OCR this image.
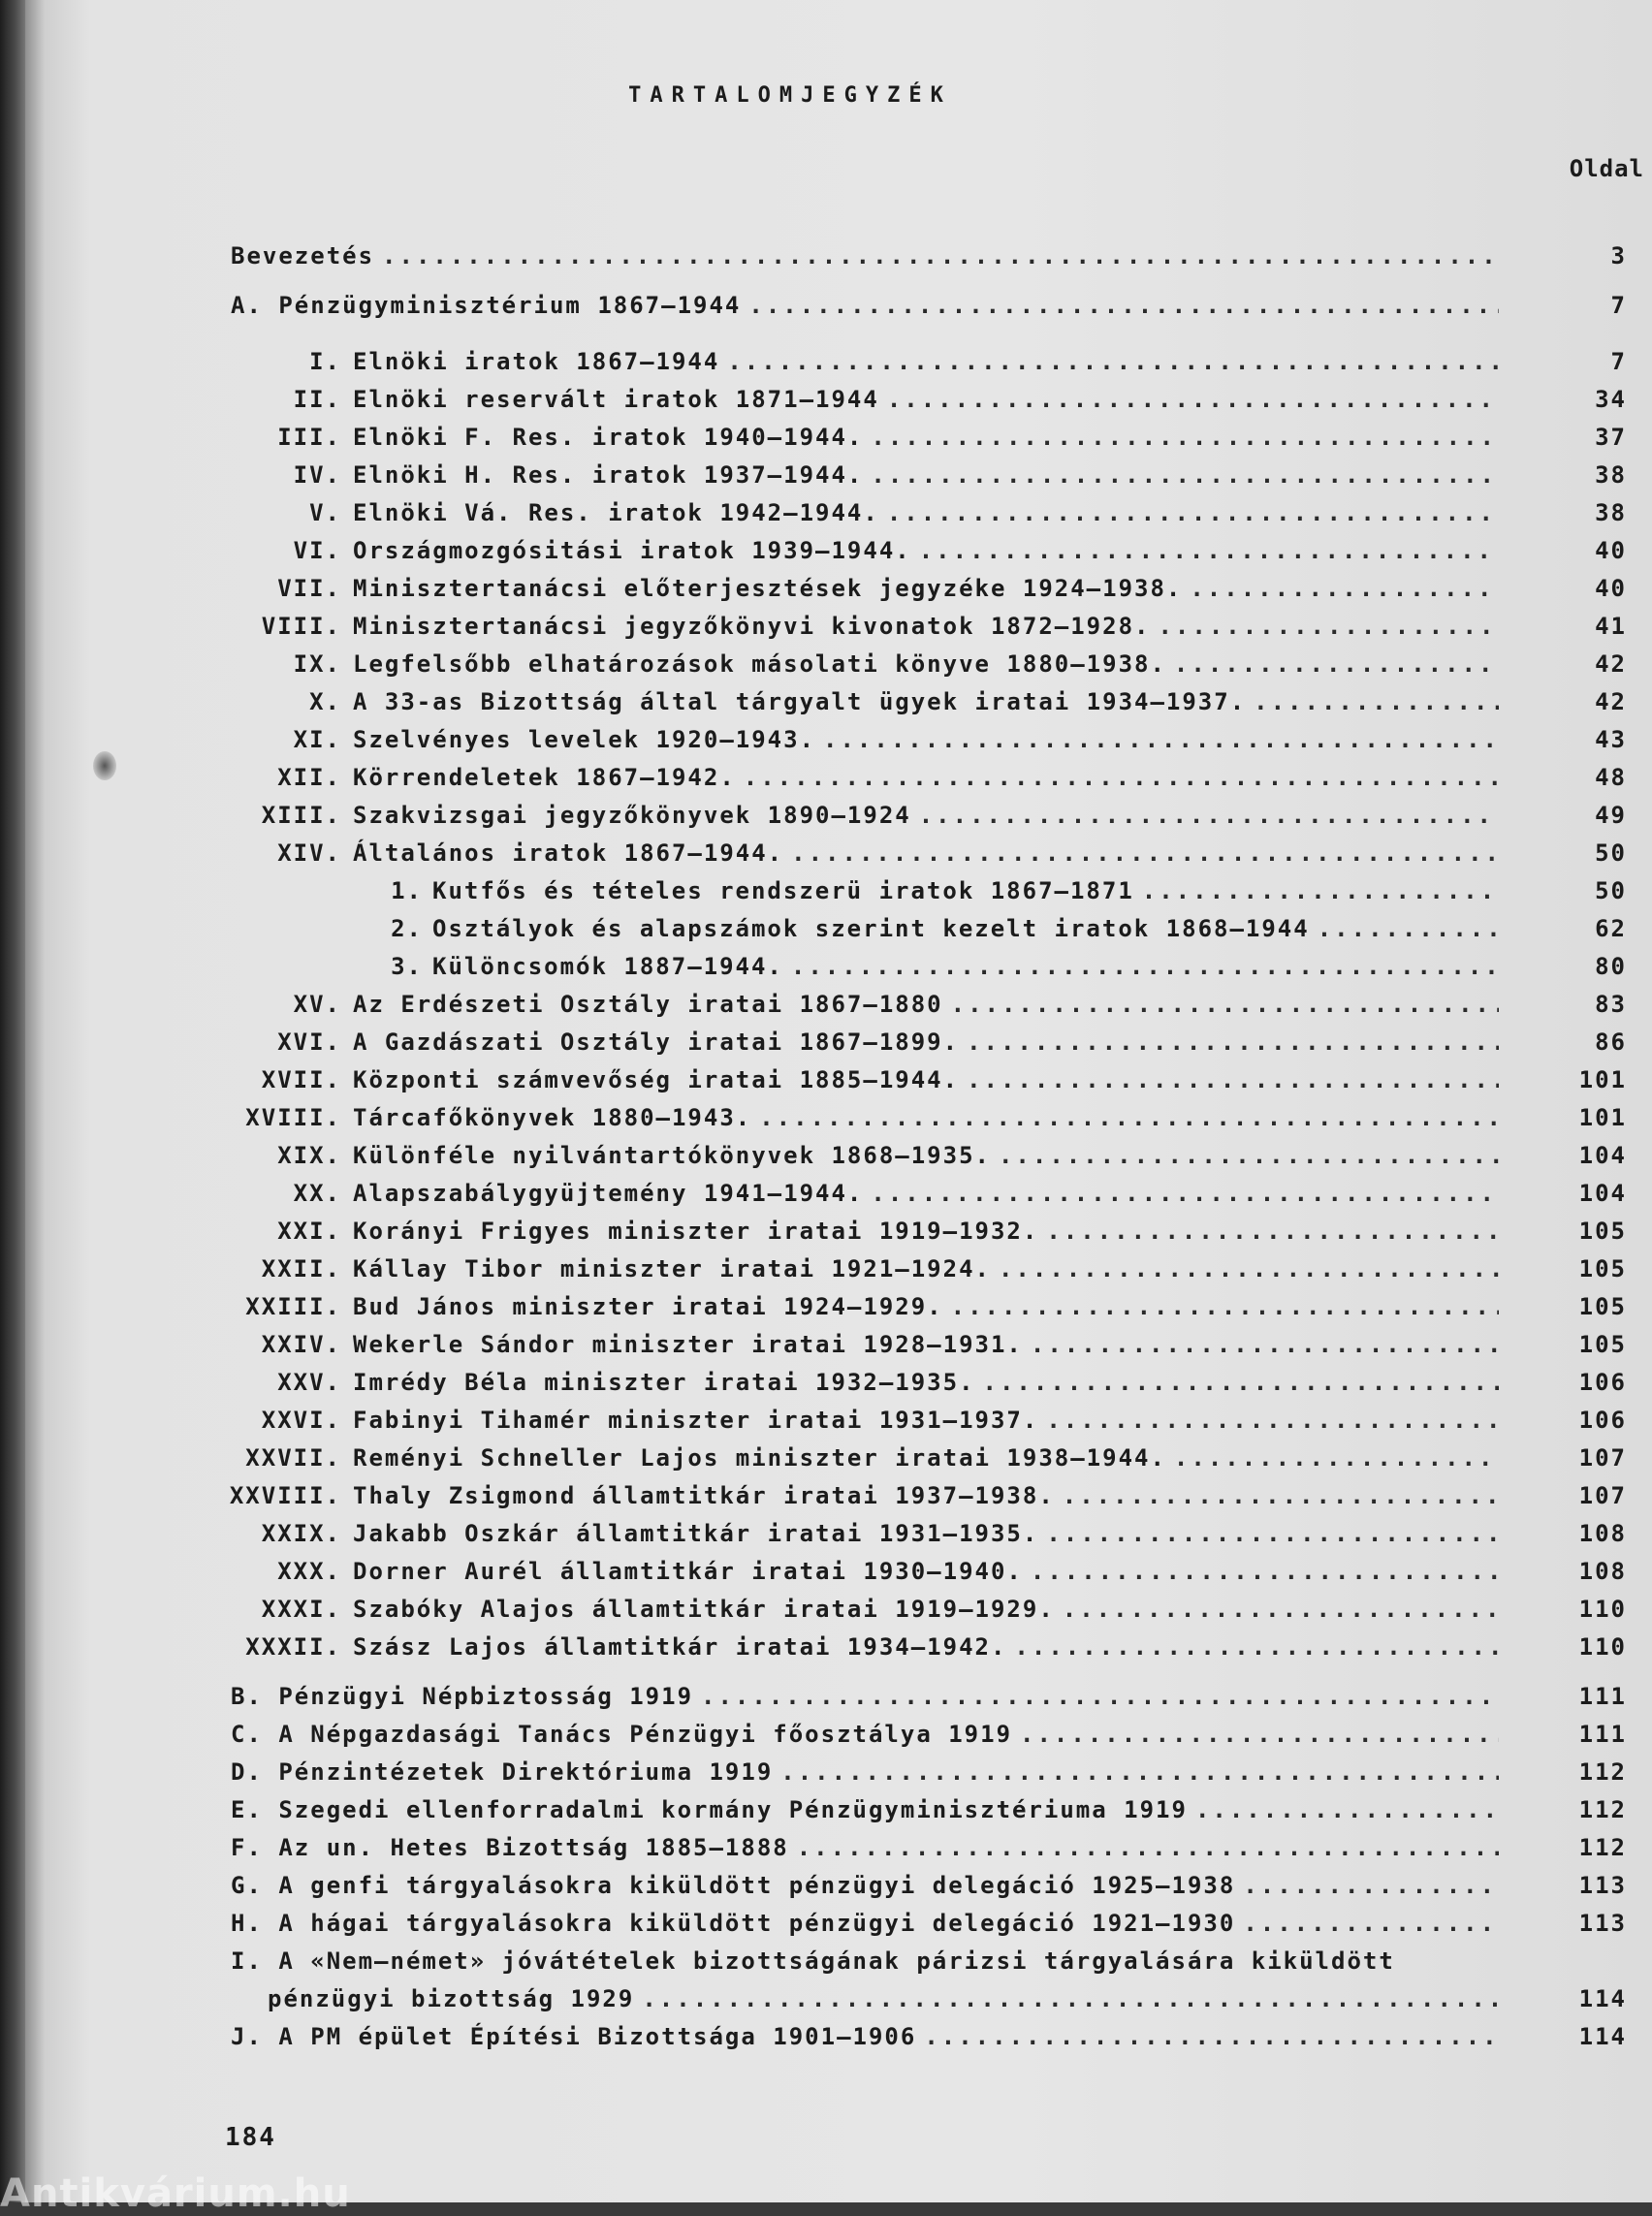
TARTALOMJEGYZÉK
Oldal
Bevezetés .....	3
A. Pénzügyminisztérium 1867–1944 .....	7
I. Elnöki iratok 1867–1944 .....	7
II. Elnöki reservált iratok 1871–1944 .....	34
III. Elnöki F. Res. iratok 1940–1944. .....	37
IV. Elnöki H. Res. iratok 1937–1944. .....	38
V. Elnöki Vá. Res. iratok 1942–1944. .....	38
VI. Országmozgósitási iratok 1939–1944. .....	40
VII. Minisztertanácsi előterjesztések jegyzéke 1924–1938. .....	40
VIII. Minisztertanácsi jegyzőkönyvi kivonatok 1872–1928. .....	41
IX. Legfelsőbb elhatározások másolati könyve 1880–1938. .....	42
X. A 33-as Bizottság által tárgyalt ügyek iratai 1934–1937. .....	42
XI. Szelvényes levelek 1920–1943. .....	43
XII. Körrendeletek 1867–1942. .....	48
XIII. Szakvizsgai jegyzőkönyvek 1890–1924 .....	49
XIV. Általános iratok 1867–1944. .....	50
1. Kutfős és tételes rendszerü iratok 1867–1871 .....	50
2. Osztályok és alapszámok szerint kezelt iratok 1868–1944 .....	62
3. Különcsomók 1887–1944. .....	80
XV. Az Erdészeti Osztály iratai 1867–1880 .....	83
XVI. A Gazdászati Osztály iratai 1867–1899. .....	86
XVII. Központi számvevőség iratai 1885–1944. .....	101
XVIII. Tárcafőkönyvek 1880–1943. .....	101
XIX. Különféle nyilvántartókönyvek 1868–1935. .....	104
XX. Alapszabálygyüjtemény 1941–1944. .....	104
XXI. Korányi Frigyes miniszter iratai 1919–1932. .....	105
XXII. Kállay Tibor miniszter iratai 1921–1924. .....	105
XXIII. Bud János miniszter iratai 1924–1929. .....	105
XXIV. Wekerle Sándor miniszter iratai 1928–1931. .....	105
XXV. Imrédy Béla miniszter iratai 1932–1935. .....	106
XXVI. Fabinyi Tihamér miniszter iratai 1931–1937. .....	106
XXVII. Reményi Schneller Lajos miniszter iratai 1938–1944. .....	107
XXVIII. Thaly Zsigmond államtitkár iratai 1937–1938. .....	107
XXIX. Jakabb Oszkár államtitkár iratai 1931–1935. .....	108
XXX. Dorner Aurél államtitkár iratai 1930–1940. .....	108
XXXI. Szabóky Alajos államtitkár iratai 1919–1929. .....	110
XXXII. Szász Lajos államtitkár iratai 1934–1942. .....	110
B. Pénzügyi Népbiztosság 1919 .....	111
C. A Népgazdasági Tanács Pénzügyi főosztálya 1919 .....	111
D. Pénzintézetek Direktóriuma 1919 .....	112
E. Szegedi ellenforradalmi kormány Pénzügyminisztériuma 1919 .....	112
F. Az un. Hetes Bizottság 1885–1888 .....	112
G. A genfi tárgyalásokra kiküldött pénzügyi delegáció 1925–1938 .....	113
H. A hágai tárgyalásokra kiküldött pénzügyi delegáció 1921–1930 .....	113
I. A «Nem–német» jóvátételek bizottságának párizsi tárgyalására kiküldött
pénzügyi bizottság 1929 .....	114
J. A PM épület Építési Bizottsága 1901–1906 .....	114
184
Antikvárium.hu
